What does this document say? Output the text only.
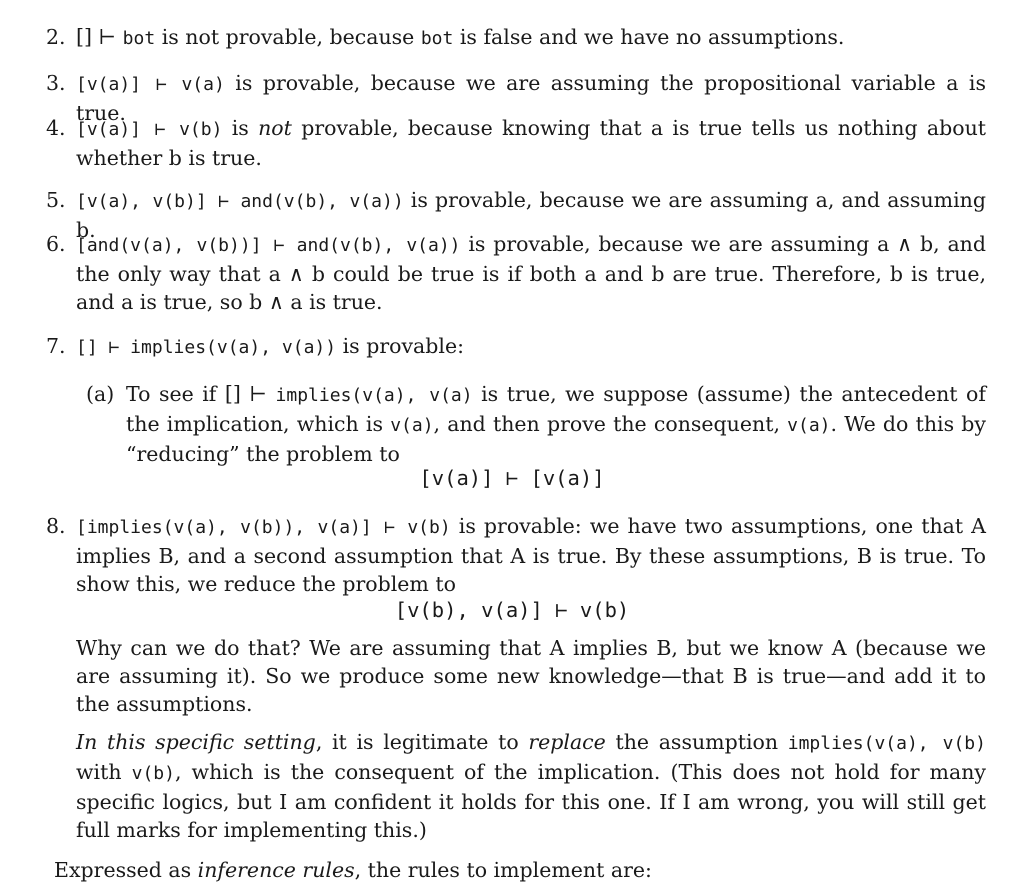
2. [] ⊢ bot is not provable, because bot is false and we have no assumptions.
3. [v(a)] ⊢ v(a) is provable, because we are assuming the propositional variable a is true.
4. [v(a)] ⊢ v(b) is not provable, because knowing that a is true tells us nothing about whether b is true.
5. [v(a), v(b)] ⊢ and(v(b), v(a)) is provable, because we are assuming a, and assuming b.
6. [and(v(a), v(b))] ⊢ and(v(b), v(a)) is provable, because we are assuming a ∧ b, and the only way that a ∧ b could be true is if both a and b are true. Therefore, b is true, and a is true, so b ∧ a is true.
7. [] ⊢ implies(v(a), v(a)) is provable:
(a) To see if [] ⊢ implies(v(a), v(a) is true, we suppose (assume) the antecedent of the implication, which is v(a), and then prove the consequent, v(a). We do this by “reducing” the problem to
[v(a)] ⊢ [v(a)]
8. [implies(v(a), v(b)), v(a)] ⊢ v(b) is provable: we have two assumptions, one that A implies B, and a second assumption that A is true. By these assumptions, B is true. To show this, we reduce the problem to
[v(b), v(a)] ⊢ v(b)
Why can we do that? We are assuming that A implies B, but we know A (because we are assuming it). So we produce some new knowledge—that B is true—and add it to the assumptions.
In this specific setting, it is legitimate to replace the assumption implies(v(a), v(b) with v(b), which is the consequent of the implication. (This does not hold for many specific logics, but I am confident it holds for this one. If I am wrong, you will still get full marks for implementing this.)
Expressed as inference rules, the rules to implement are:
